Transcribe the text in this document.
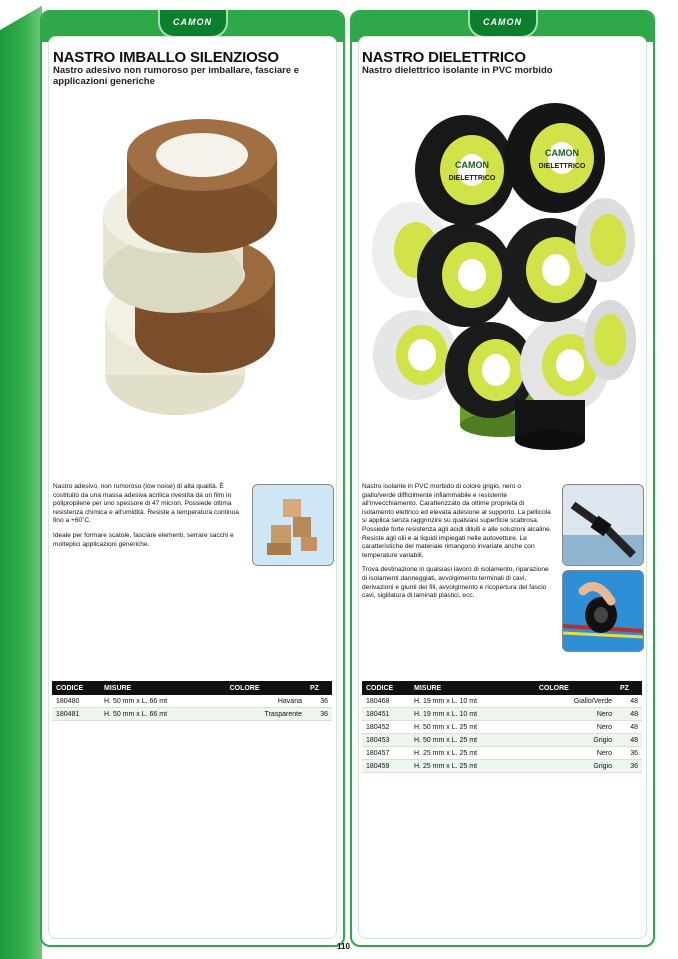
CAMON	CAMON
NASTRO IMBALLO SILENZIOSO
Nastro adesivo non rumoroso per imballare, fasciare e applicazioni generiche

Nastro adesivo, non rumoroso (low noise) di alta qualità. È costituito da una massa adesiva acrilica rivestita da un film in polipropilene per uno spessore di 47 micron. Possiede ottima resistenza chimica e all'umidità. Resiste a temperatura continua fino a +60˚C.

Ideale per formare scatole, fasciare elementi, serrare sacchi e molteplici applicazioni generiche.

CODICE	MISURE	COLORE	PZ
180480	H. 50 mm x L. 66 mt	Havana	36
180481	H. 50 mm x L. 66 mt	Trasparente	36
NASTRO DIELETTRICO
Nastro dielettrico isolante in PVC morbido
CAMON
DIELETTRICO
CAMON
DIELETTRICO

Nastro isolante in PVC morbido di colore grigio, nero o giallo/verde difficilmente infiammabile e resistente all'invecchiamento. Caratterizzato da ottime proprietà di isolamento elettrico ed elevata adesione al supporto. La pellicola si applica senza raggrinzire su qualsiasi superficie scabrosa. Possiede forte resistenza agli acidi diluiti e alle soluzioni alcaline. Resiste agli olii e ai liquidi impiegati nelle autovetture. Le caratteristiche del materiale rimangono invariate anche con temperature variabili.

Trova destinazione in qualsiasi lavoro di isolamento, riparazione di isolamenti danneggiati, avvolgimento terminali di cavi, derivazioni e giunti dei fili, avvolgimento e ricopertura del fascio cavi, sigillatura di laminati plastici, ecc.

CODICE	MISURE	COLORE	PZ
180468	H. 19 mm x L. 10 mt	Giallo/Verde	48
180451	H. 19 mm x L. 10 mt	Nero	48
180452	H. 50 mm x L. 25 mt	Nero	48
180453	H. 50 mm x L. 25 mt	Grigio	48
180457	H. 25 mm x L. 25 mt	Nero	36
180459	H. 25 mm x L. 25 mt	Grigio	36
110
